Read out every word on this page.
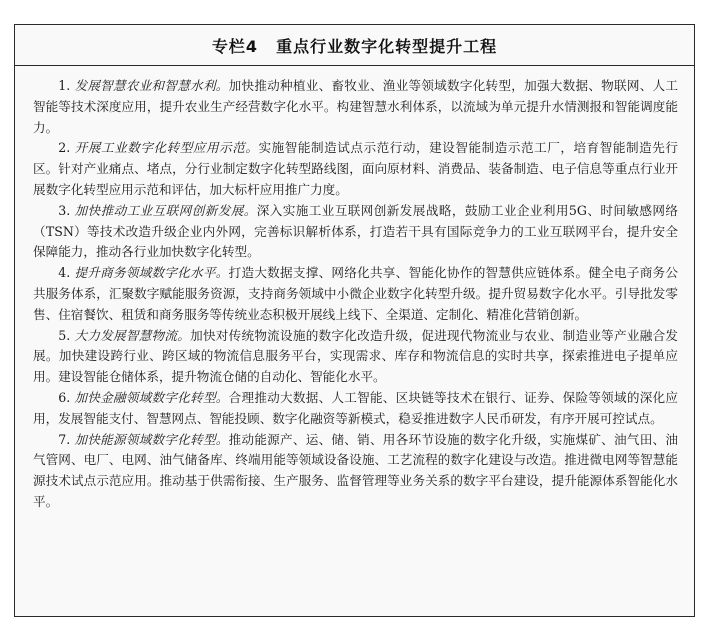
专栏4 重点行业数字化转型提升工程

1. 发展智慧农业和智慧水利。加快推动种植业、畜牧业、渔业等领域数字化转型，加强大数据、物联网、人工智能等技术深度应用，提升农业生产经营数字化水平。构建智慧水利体系，以流域为单元提升水情测报和智能调度能力。

2. 开展工业数字化转型应用示范。实施智能制造试点示范行动，建设智能制造示范工厂，培育智能制造先行区。针对产业痛点、堵点，分行业制定数字化转型路线图，面向原材料、消费品、装备制造、电子信息等重点行业开展数字化转型应用示范和评估，加大标杆应用推广力度。

3. 加快推动工业互联网创新发展。深入实施工业互联网创新发展战略，鼓励工业企业利用5G、时间敏感网络（TSN）等技术改造升级企业内外网，完善标识解析体系，打造若干具有国际竞争力的工业互联网平台，提升安全保障能力，推动各行业加快数字化转型。

4. 提升商务领域数字化水平。打造大数据支撑、网络化共享、智能化协作的智慧供应链体系。健全电子商务公共服务体系，汇聚数字赋能服务资源，支持商务领域中小微企业数字化转型升级。提升贸易数字化水平。引导批发零售、住宿餐饮、租赁和商务服务等传统业态积极开展线上线下、全渠道、定制化、精准化营销创新。

5. 大力发展智慧物流。加快对传统物流设施的数字化改造升级，促进现代物流业与农业、制造业等产业融合发展。加快建设跨行业、跨区域的物流信息服务平台，实现需求、库存和物流信息的实时共享，探索推进电子提单应用。建设智能仓储体系，提升物流仓储的自动化、智能化水平。

6. 加快金融领域数字化转型。合理推动大数据、人工智能、区块链等技术在银行、证券、保险等领域的深化应用，发展智能支付、智慧网点、智能投顾、数字化融资等新模式，稳妥推进数字人民币研发，有序开展可控试点。

7. 加快能源领域数字化转型。推动能源产、运、储、销、用各环节设施的数字化升级，实施煤矿、油气田、油气管网、电厂、电网、油气储备库、终端用能等领域设备设施、工艺流程的数字化建设与改造。推进微电网等智慧能源技术试点示范应用。推动基于供需衔接、生产服务、监督管理等业务关系的数字平台建设，提升能源体系智能化水平。
